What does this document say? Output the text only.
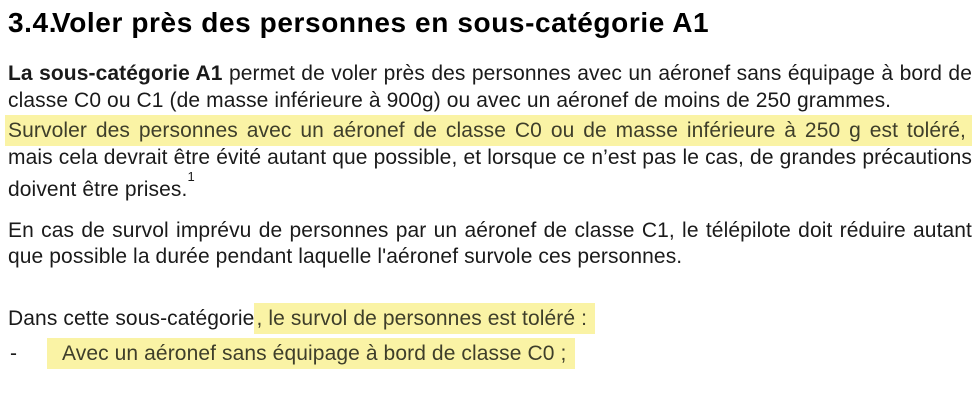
3.4.
Voler près des personnes en sous-catégorie A1

La sous-catégorie A1 permet de voler près des personnes avec un aéronef sans équipage à bord de classe C0 ou C1 (de masse inférieure à 900g) ou avec un aéronef de moins de 250 grammes.

Survoler des personnes avec un aéronef de classe C0 ou de masse inférieure à 250 g est toléré, mais cela devrait être évité autant que possible, et lorsque ce n’est pas le cas, de grandes précautions doivent être prises.$^1$

En cas de survol imprévu de personnes par un aéronef de classe C1, le télépilote doit réduire autant que possible la durée pendant laquelle l'aéronef survole ces personnes.

Dans cette sous-catégorie, le survol de personnes est toléré :

- Avec un aéronef sans équipage à bord de classe C0 ;
